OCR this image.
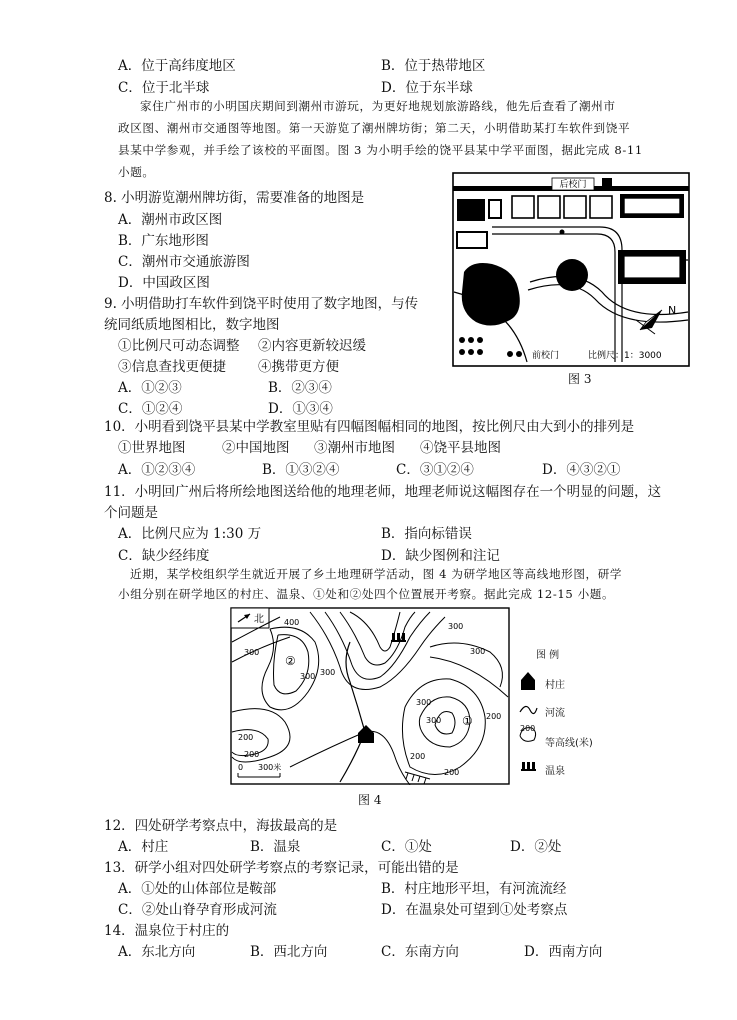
A．位于高纬度地区	B．位于热带地区
C．位于北半球	D．位于东半球
家住广州市的小明国庆期间到潮州市游玩，为更好地规划旅游路线，他先后查看了潮州市
政区图、潮州市交通图等地图。第一天游览了潮州牌坊街；第二天，小明借助某打车软件到饶平
县某中学参观，并手绘了该校的平面图。图 3 为小明手绘的饶平县某中学平面图，据此完成 8-11
小题。
8. 小明游览潮州牌坊街，需要准备的地图是
A．潮州市政区图
B．广东地形图
C．潮州市交通旅游图
D．中国政区图
9. 小明借助打车软件到饶平时使用了数字地图，与传
统同纸质地图相比，数字地图
①比例尺可动态调整 ②内容更新较迟缓
③信息查找更便捷 ④携带更方便
A．①②③	B．②③④
C．①②④	D．①③④
后校门
前校门	比例尺：1：3000
N
图 3
10．小明看到饶平县某中学教室里贴有四幅图幅相同的地图，按比例尺由大到小的排列是
①世界地图	②中国地图 ③潮州市地图 ④饶平县地图
A．①②③④	B．①③②④	C．③①②④	D．④③②①
11．小明回广州后将所绘地图送给他的地理老师，地理老师说这幅图存在一个明显的问题，这
个问题是
A．比例尺应为 1:30 万	B．指向标错误
C．缺少经纬度	D．缺少图例和注记
近期，某学校组织学生就近开展了乡土地理研学活动，图 4 为研学地区等高线地形图，研学
小组分别在研学地区的村庄、温泉、①处和②处四个位置展开考察。据此完成 12-15 小题。
北	400
300
300
300
300
200
200
200
300
300
200
300
200
①
②
0 300米
图 例
村庄
河流
200
等高线(米)
温泉
图 4
12．四处研学考察点中，海拔最高的是
A．村庄	B．温泉	C．①处	D．②处
13．研学小组对四处研学考察点的考察记录，可能出错的是
A．①处的山体部位是鞍部	B．村庄地形平坦，有河流流经
C．②处山脊孕育形成河流	D．在温泉处可望到①处考察点
14．温泉位于村庄的
A．东北方向	B．西北方向	C．东南方向	D．西南方向
